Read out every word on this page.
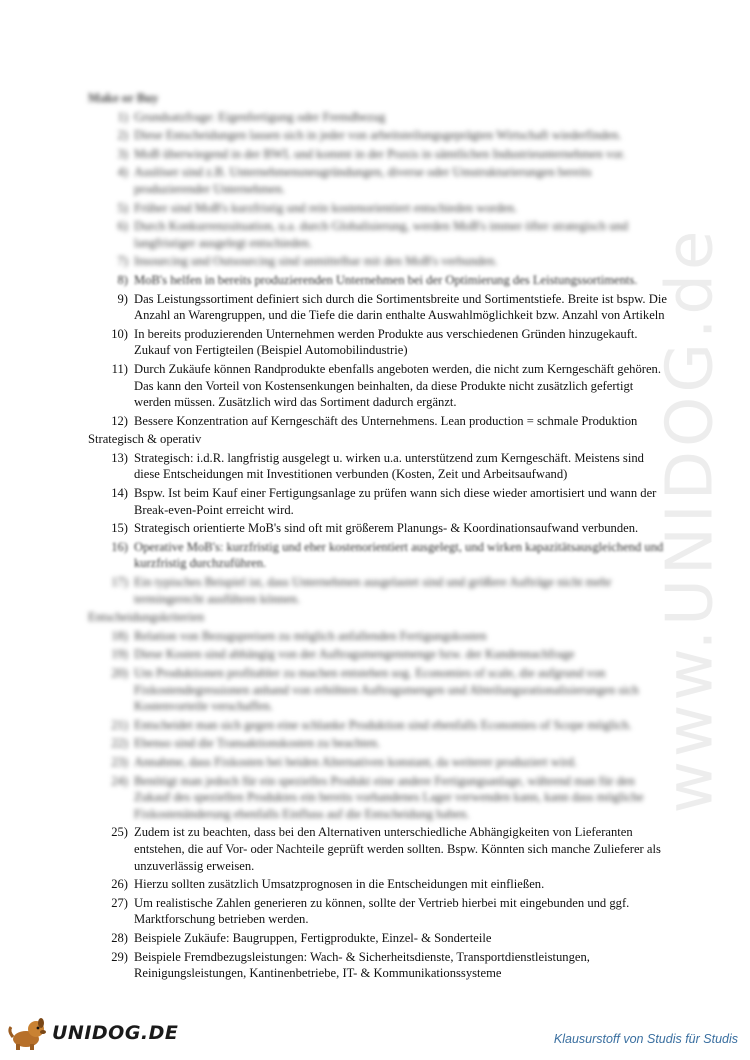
www.UNIDOG.de
Make or Buy
1) Grundsatzfrage: Eigenfertigung oder Fremdbezug
2) Diese Entscheidungen lassen sich in jeder von arbeitsteilungsgeprägten Wirtschaft wiederfinden.
3) MoB überwiegend in der BWL und kommt in der Praxis in sämtlichen Industrieunternehmen vor.
4) Auslöser sind z.B. Unternehmensneugründungen, diverse oder Umstrukturierungen bereits produzierender Unternehmen.
5) Früher sind MoB's kurzfristig und rein kostenorientiert entschieden worden.
6) Durch Konkurrenzsituation, u.a. durch Globalisierung, werden MoB's immer öfter strategisch und langfristiger ausgelegt entschieden.
7) Insourcing und Outsourcing sind unmittelbar mit den MoB's verbunden.
8) MoB's helfen in bereits produzierenden Unternehmen bei der Optimierung des Leistungssortiments.
9) Das Leistungssortiment definiert sich durch die Sortimentsbreite und Sortimentstiefe. Breite ist bspw. Die Anzahl an Warengruppen, und die Tiefe die darin enthalte Auswahlmöglichkeit bzw. Anzahl von Artikeln
10) In bereits produzierenden Unternehmen werden Produkte aus verschiedenen Gründen hinzugekauft. Zukauf von Fertigteilen (Beispiel Automobilindustrie)
11) Durch Zukäufe können Randprodukte ebenfalls angeboten werden, die nicht zum Kerngeschäft gehören. Das kann den Vorteil von Kostensenkungen beinhalten, da diese Produkte nicht zusätzlich gefertigt werden müssen. Zusätzlich wird das Sortiment dadurch ergänzt.
12) Bessere Konzentration auf Kerngeschäft des Unternehmens. Lean production = schmale Produktion
Strategisch & operativ
13) Strategisch: i.d.R. langfristig ausgelegt u. wirken u.a. unterstützend zum Kerngeschäft. Meistens sind diese Entscheidungen mit Investitionen verbunden (Kosten, Zeit und Arbeitsaufwand)
14) Bspw. Ist beim Kauf einer Fertigungsanlage zu prüfen wann sich diese wieder amortisiert und wann der Break-even-Point erreicht wird.
15) Strategisch orientierte MoB's sind oft mit größerem Planungs- & Koordinationsaufwand verbunden.
16) Operative MoB's: kurzfristig und eher kostenorientiert ausgelegt, und wirken kapazitätsausgleichend und kurzfristig durchzuführen.
17) Ein typisches Beispiel ist, dass Unternehmen ausgelastet sind und größere Aufträge nicht mehr termingerecht ausführen können.
Entscheidungskriterien
18) Relation von Bezugspreisen zu möglich anfallenden Fertigungskosten
19) Diese Kosten sind abhängig von der Auftragsmengenmenge bzw. der Kundennachfrage
20) Um Produktionen profitabler zu machen entstehen sog. Economies of scale, die aufgrund von Fixkostendegressionen anhand von erhöhten Auftragsmengen und Abteilungsrationalisierungen sich Kostenvorteile verschaffen.
21) Entscheidet man sich gegen eine schlanke Produktion sind ebenfalls Economies of Scope möglich.
22) Ebenso sind die Transaktionskosten zu beachten.
23) Annahme, dass Fixkosten bei beiden Alternativen konstant, da weiterer produziert wird.
24) Benötigt man jedoch für ein spezielles Produkt eine andere Fertigungsanlage, während man für den Zukauf des speziellen Produktes ein bereits vorhandenes Lager verwenden kann, kann dass mögliche Fixkostenänderung ebenfalls Einfluss auf die Entscheidung haben.
25) Zudem ist zu beachten, dass bei den Alternativen unterschiedliche Abhängigkeiten von Lieferanten entstehen, die auf Vor- oder Nachteile geprüft werden sollten. Bspw. Könnten sich manche Zulieferer als unzuverlässig erweisen.
26) Hierzu sollten zusätzlich Umsatzprognosen in die Entscheidungen mit einfließen.
27) Um realistische Zahlen generieren zu können, sollte der Vertrieb hierbei mit eingebunden und ggf. Marktforschung betrieben werden.
28) Beispiele Zukäufe: Baugruppen, Fertigprodukte, Einzel- & Sonderteile
29) Beispiele Fremdbezugsleistungen: Wach- & Sicherheitsdienste, Transportdienstleistungen, Reinigungsleistungen, Kantinenbetriebe, IT- & Kommunikationssysteme
UNIDOG.DE	Klausurstoff von Studis für Studis
